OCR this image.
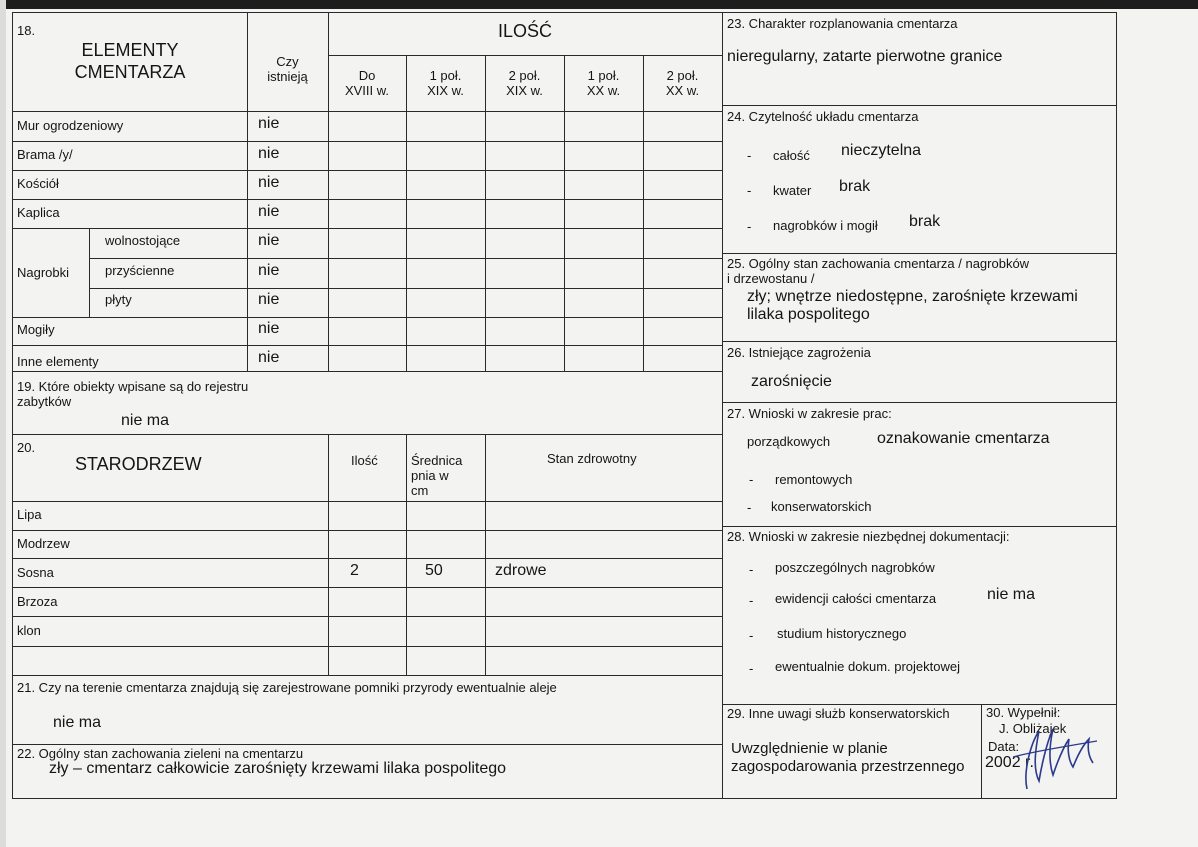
18.
ELEMENTY
CMENTARZA
Czy
istnieją
ILOŚĆ
Do
XVIII w.
1 poł.
XIX w.
2 poł.
XIX w.
1 poł.
XX w.
2 poł.
XX w.
Mur ogrodzeniowy	nie
Brama /y/	nie
Kościół	nie
Kaplica	nie
Nagrobki
wolnostojące	nie
przyścienne	nie
płyty	nie
Mogiły	nie
Inne elementy	nie
19. Które obiekty wpisane są do rejestru
zabytków
nie ma
20.
STARODRZEW	Ilość	Średnica
pnia w
cm
Stan zdrowotny
Lipa
Modrzew
Sosna	2	50	zdrowe
Brzoza
klon
21. Czy na terenie cmentarza znajdują się zarejestrowane pomniki przyrody ewentualnie aleje
nie ma
22. Ogólny stan zachowania zieleni na cmentarzu
zły – cmentarz całkowicie zarośnięty krzewami lilaka pospolitego
23. Charakter rozplanowania cmentarza
nieregularny, zatarte pierwotne granice
24. Czytelność układu cmentarza
- całość nieczytelna
- kwater brak
- nagrobków i mogił brak
25. Ogólny stan zachowania cmentarza / nagrobków
i drzewostanu /
zły; wnętrze niedostępne, zarośnięte krzewami
lilaka pospolitego
26. Istniejące zagrożenia
zarośnięcie
27. Wnioski w zakresie prac:
porządkowych	oznakowanie cmentarza
- remontowych
- konserwatorskich
28. Wnioski w zakresie niezbędnej dokumentacji:
- poszczególnych nagrobków
- ewidencji całości cmentarza	nie ma
- studium historycznego
- ewentualnie dokum. projektowej
29. Inne uwagi służb konserwatorskich
Uwzględnienie w planie
zagospodarowania przestrzennego
30. Wypełnił:
J. Obliżajek
Data:
2002 r.
